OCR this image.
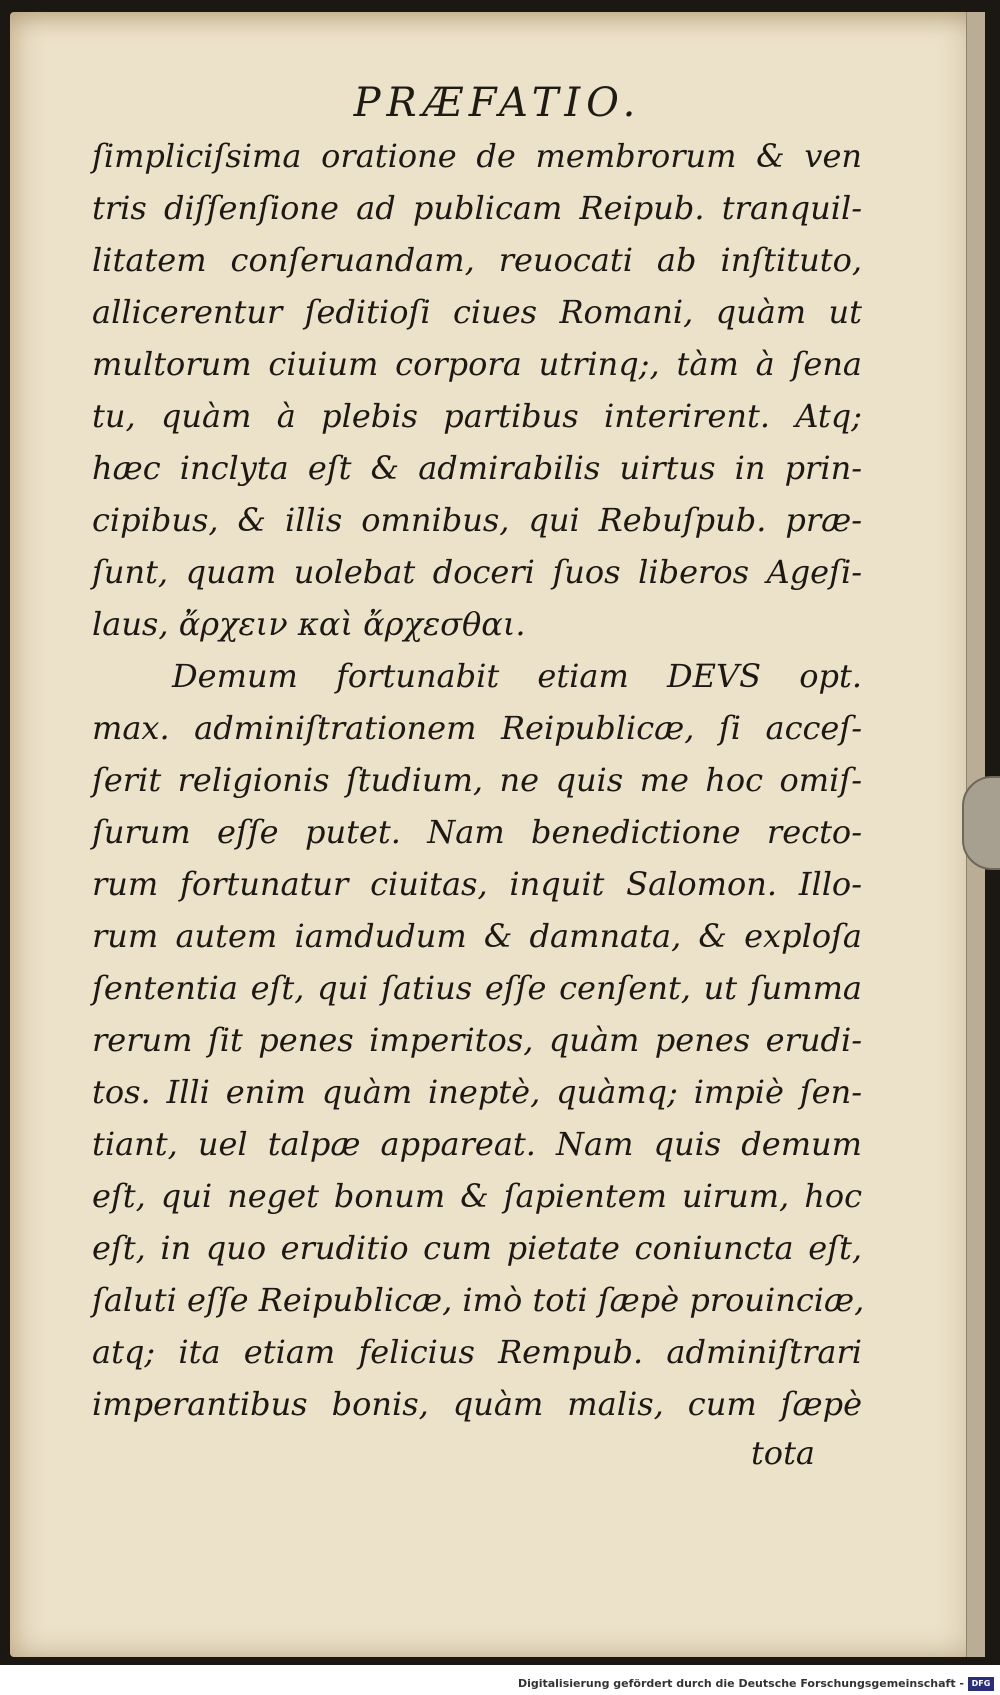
PRÆFATIO.
ſimpliciſsima oratione de membrorum & ven
tris diſſenſione ad publicam Reipub. tranquil-
litatem conſeruandam, reuocati ab inſtituto,
allicerentur ſeditioſi ciues Romani, quàm ut
multorum ciuium corpora utrinq;, tàm à ſena
tu, quàm à plebis partibus interirent. Atq;
hæc inclyta eſt & admirabilis uirtus in prin-
cipibus, & illis omnibus, qui Rebuſpub. præ-
ſunt, quam uolebat doceri ſuos liberos Ageſi-
laus, ἄρχειν καὶ ἄρχεσθαι.
Demum fortunabit etiam DEVS opt.
max. adminiſtrationem Reipublicæ, ſi acceſ-
ſerit religionis ſtudium, ne quis me hoc omiſ-
ſurum eſſe putet. Nam benedictione recto-
rum fortunatur ciuitas, inquit Salomon. Illo-
rum autem iamdudum & damnata, & exploſa
ſententia eſt, qui ſatius eſſe cenſent, ut ſumma
rerum ſit penes imperitos, quàm penes erudi-
tos. Illi enim quàm ineptè, quàmq; impiè ſen-
tiant, uel talpæ appareat. Nam quis demum
eſt, qui neget bonum & ſapientem uirum, hoc
eſt, in quo eruditio cum pietate coniuncta eſt,
ſaluti eſſe Reipublicæ, imò toti ſæpè prouinciæ,
atq; ita etiam felicius Rempub. adminiſtrari
imperantibus bonis, quàm malis, cum ſæpè
tota
Digitalisierung gefördert durch die Deutsche Forschungsgemeinschaft - DFG
